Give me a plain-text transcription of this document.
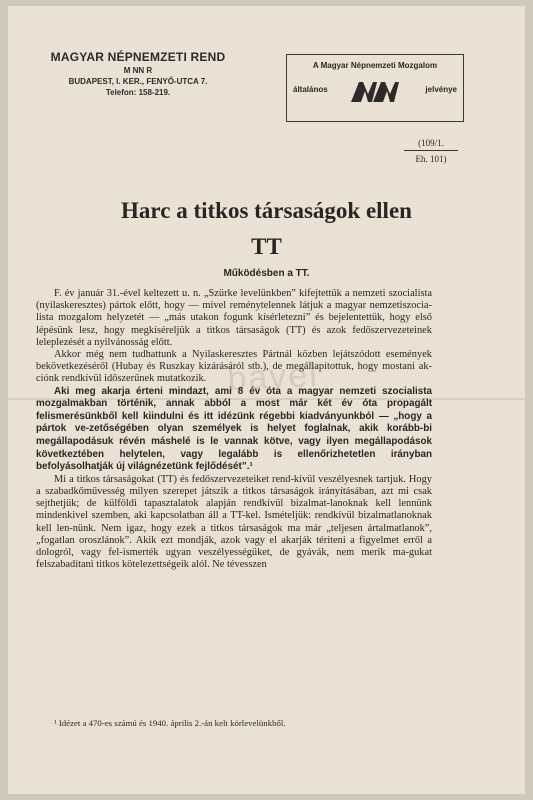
MAGYAR NÉPNEMZETI REND
M NN R
BUDAPEST, I. KER., FENYŐ-UTCA 7.
Telefon: 158-219.
A Magyar Népnemzeti Mozgalom
általános	jelvénye
(109/1.
Eh. 101)
Harc a titkos társaságok ellen
TT
Működésben a TT.
bavel

F. év január 31.-ével keltezett u. n. „Szürke levelünkben” kifejtettük a nemzeti szocialista (nyilaskeresztes) pártok előtt, hogy — mivel reménytelennek látjuk a magyar nemzetiszocia-lista mozgalom helyzetét — „más utakon fogunk kísérletezni” és bejelentettük, hogy első lépésünk lesz, hogy megkíséreljük a titkos társaságok (TT) és azok fedőszervezeteinek leleplezését a nyilvánosság előtt.

Akkor még nem tudhattunk a Nyilaskeresztes Pártnál közben lejátszódott események bekövetkezéséről (Hubay és Ruszkay kizárásáról stb.), de megállapítottuk, hogy mostani ak-ciónk rendkívül időszerűnek mutatkozik.

Aki meg akarja érteni mindazt, ami 8 év óta a magyar nemzeti szocialista mozgalmakban történik, annak abból a most már két év óta propagált felismerésünkből kell kiindulni és itt idézünk régebbi kiadványunkból — „hogy a pártok ve-zetőségében olyan személyek is helyet foglalnak, akik korább-bi megállapodásuk révén máshelé is le vannak kötve, vagy ilyen megállapodások következtében helytelen, vagy legalább is ellenőrizhetetlen irányban befolyásolhatják új világnézetünk fejlődését”.¹

Mi a titkos társaságokat (TT) és fedőszervezeteiket rend-kívül veszélyesnek tartjuk. Hogy a szabadkőművesség milyen szerepet játszik a titkos társaságok irányításában, azt mi csak sejthetjük; de külföldi tapasztalatok alapján rendkívül bizalmat-lanoknak kell lennünk mindenkivel szemben, aki kapcsolatban áll a TT-kel. Ismételjük: rendkívül bizalmatlanoknak kell len-nünk. Nem igaz, hogy ezek a titkos társaságok ma már „teljesen ártalmatlanok”, „fogatlan oroszlánok”. Akik ezt mondják, azok vagy el akarják téríteni a figyelmet erről a dologról, vagy fel-ismerték ugyan veszélyességüket, de gyávák, nem merik ma-gukat felszabadítani titkos kötelezettségeik alól. Ne tévesszen

¹ Idézet a 470-es számú és 1940. április 2.-án kelt körlevelünkből.
